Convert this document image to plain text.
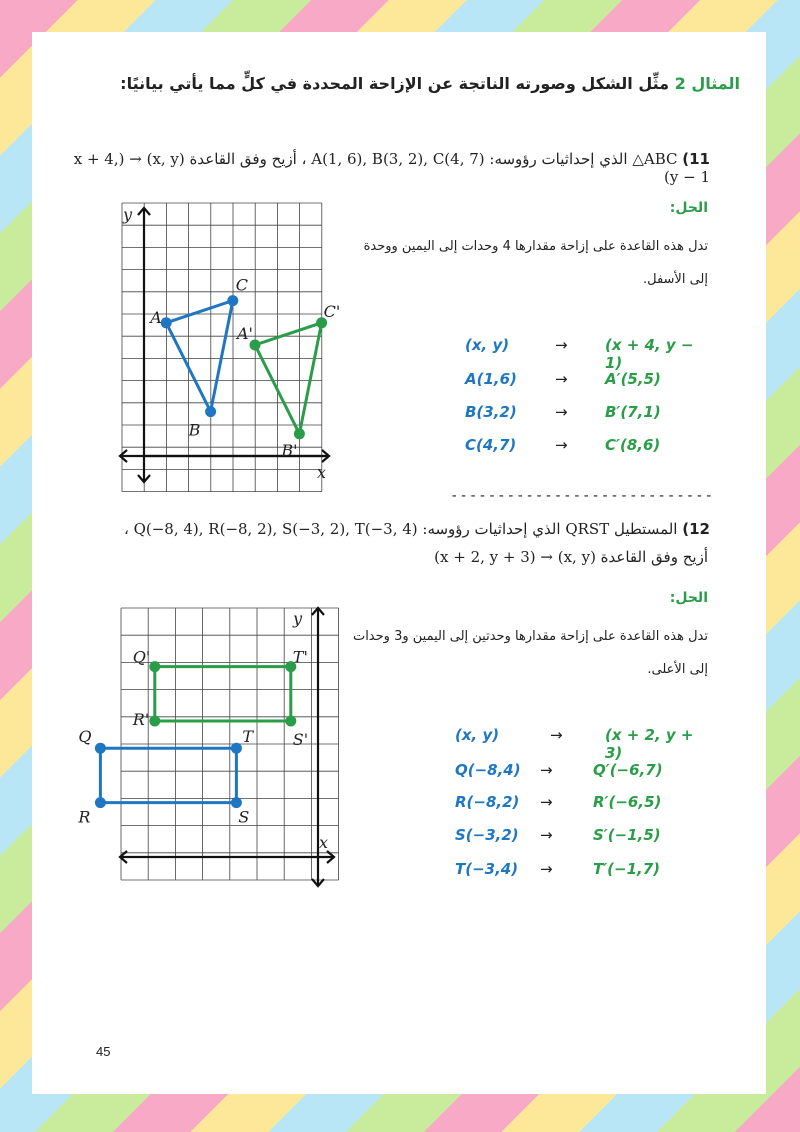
المثال 2 مثِّل الشكل وصورته الناتجة عن الإزاحة المحددة في كلٍّ مما يأتي بيانيًا:
11) ABC△ الذي إحداثيات رؤوسه: A(1, 6), B(3, 2), C(4, 7) ، أزيح وفق القاعدة (x, y) → (x + 4, y − 1)
الحل:
تدل هذه القاعدة على إزاحة مقدارها 4 وحدات إلى اليمين ووحدة إلى الأسفل.
y
x
A
B
C
A'
B'
C'
(x, y)	→ (x + 4, y − 1)
A(1,6)	→ A′(5,5)
B(3,2)	→ B′(7,1)
C(4,7)	→ C′(8,6)
----------------------------
12) المستطيل QRST الذي إحداثيات رؤوسه: Q(−8, 4), R(−8, 2), S(−3, 2), T(−3, 4) ،
أزيح وفق القاعدة (x, y) → (x + 2, y + 3)
الحل:
تدل هذه القاعدة على إزاحة مقدارها وحدتين إلى اليمين و3 وحدات إلى الأعلى.
y
x
Q
R	S
T
Q'
R'
S'
T'
(x, y)	→	(x + 2, y + 3)
Q(−8,4) →	Q′(−6,7)
R(−8,2) →	R′(−6,5)
S(−3,2) →	S′(−1,5)
T(−3,4) →	T′(−1,7)
45
